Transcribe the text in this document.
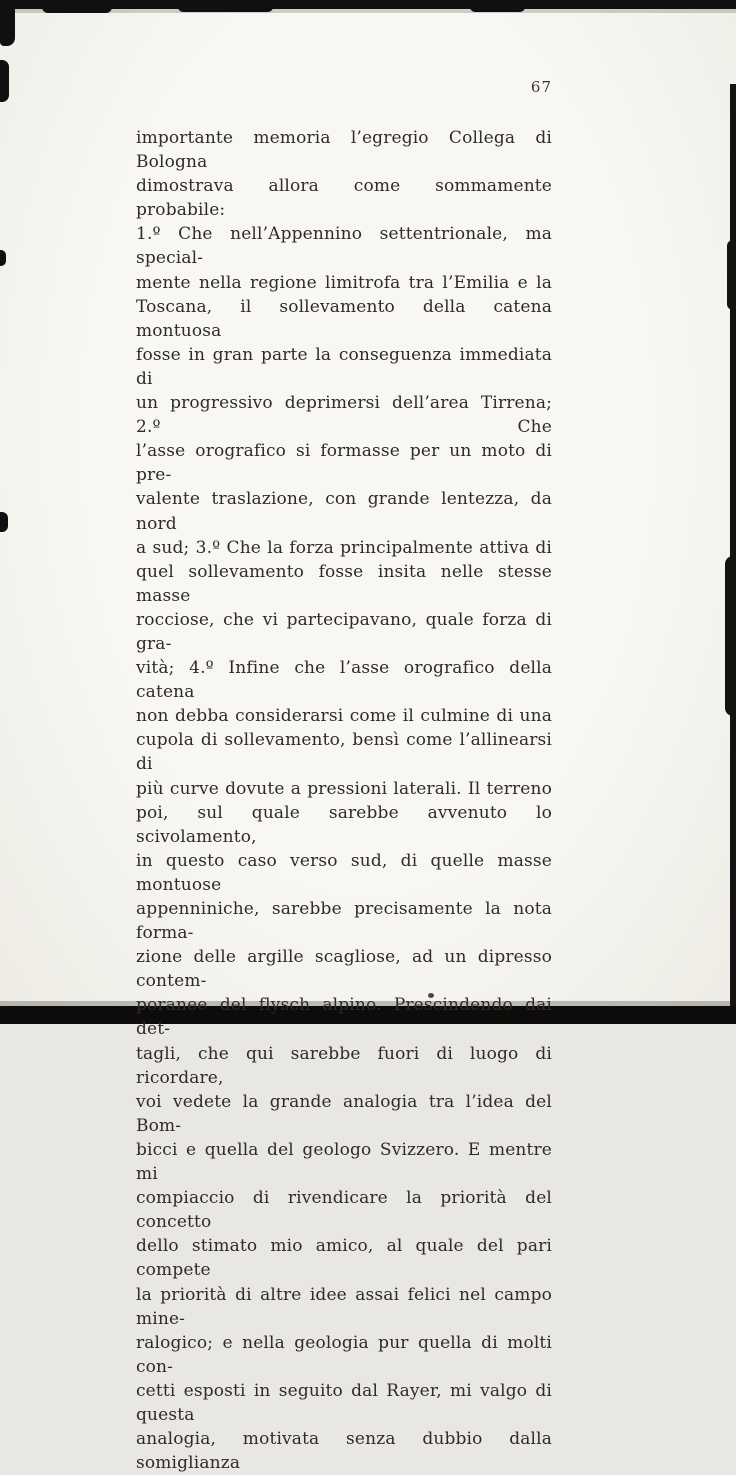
67
importante memoria l’egregio Collega di Bologna
dimostrava allora come sommamente probabile:
1.º Che nell’Appennino settentrionale, ma special-
mente nella regione limitrofa tra l’Emilia e la
Toscana, il sollevamento della catena montuosa
fosse in gran parte la conseguenza immediata di
un progressivo deprimersi dell’area Tirrena; 2.º Che
l’asse orografico si formasse per un moto di pre-
valente traslazione, con grande lentezza, da nord
a sud; 3.º Che la forza principalmente attiva di
quel sollevamento fosse insita nelle stesse masse
rocciose, che vi partecipavano, quale forza di gra-
vità; 4.º Infine che l’asse orografico della catena
non debba considerarsi come il culmine di una
cupola di sollevamento, bensì come l’allinearsi di
più curve dovute a pressioni laterali. Il terreno
poi, sul quale sarebbe avvenuto lo scivolamento,
in questo caso verso sud, di quelle masse montuose
appenniniche, sarebbe precisamente la nota forma-
zione delle argille scagliose, ad un dipresso contem-
poranee del flysch alpino. Prescindendo dai det-
tagli, che qui sarebbe fuori di luogo di ricordare,
voi vedete la grande analogia tra l’idea del Bom-
bicci e quella del geologo Svizzero. E mentre mi
compiaccio di rivendicare la priorità del concetto
dello stimato mio amico, al quale del pari compete
la priorità di altre idee assai felici nel campo mine-
ralogico; e nella geologia pur quella di molti con-
cetti esposti in seguito dal Rayer, mi valgo di questa
analogia, motivata senza dubbio dalla somiglianza
